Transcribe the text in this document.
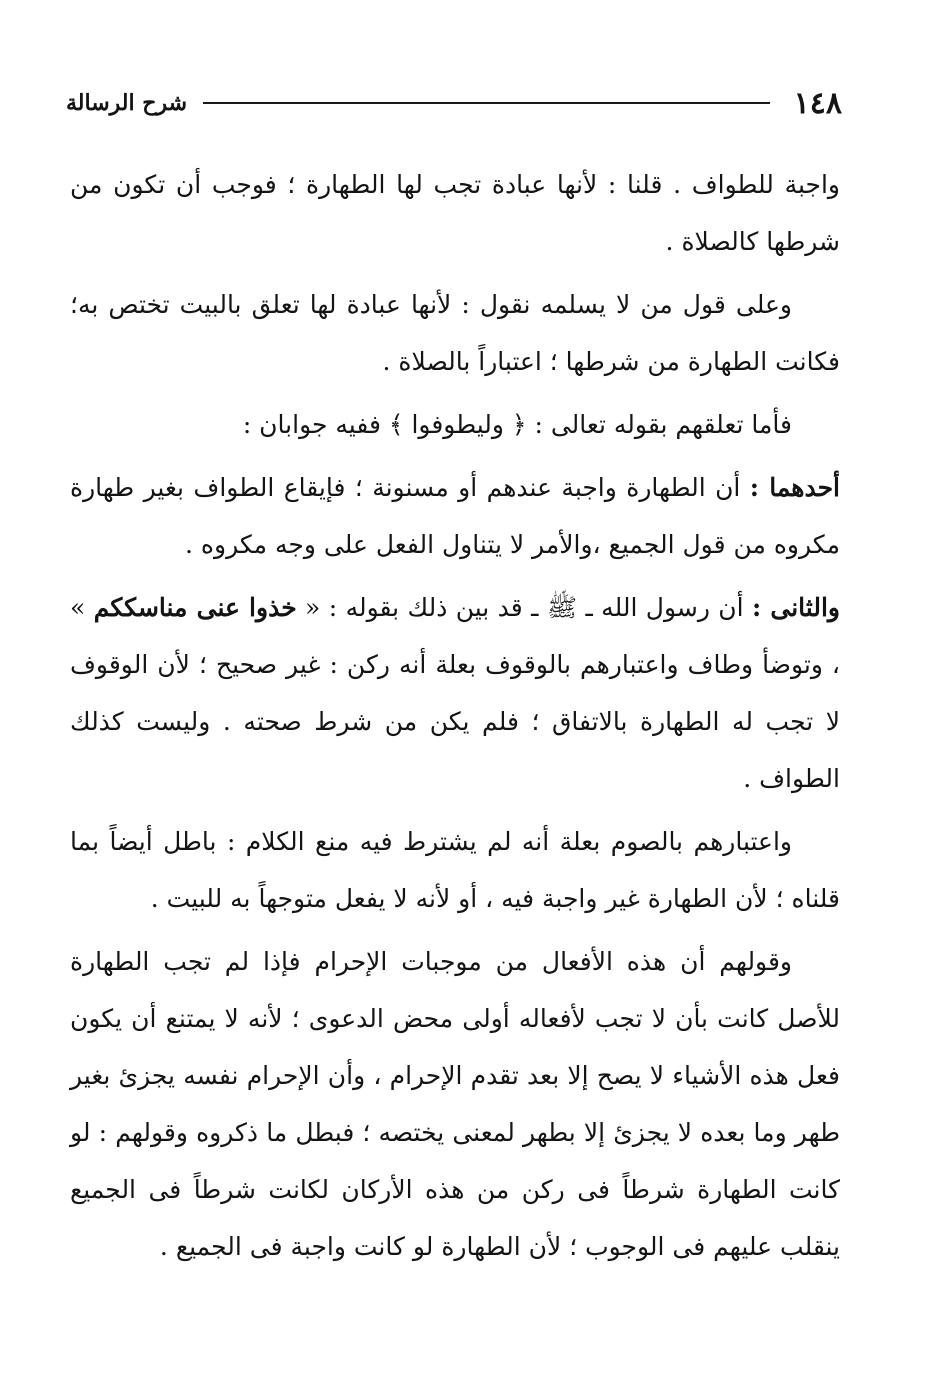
١٤٨
شرح الرسالة

واجبة للطواف . قلنا : لأنها عبادة تجب لها الطهارة ؛ فوجب أن تكون من شرطها كالصلاة .

وعلى قول من لا يسلمه نقول : لأنها عبادة لها تعلق بالبيت تختص به؛ فكانت الطهارة من شرطها ؛ اعتباراً بالصلاة .

فأما تعلقهم بقوله تعالى : ﴿ وليطوفوا ﴾ ففيه جوابان :

أحدهما : أن الطهارة واجبة عندهم أو مسنونة ؛ فإيقاع الطواف بغير طهارة مكروه من قول الجميع ،والأمر لا يتناول الفعل على وجه مكروه .

والثانى : أن رسول الله ـ ﷺ ـ قد بين ذلك بقوله : « خذوا عنى مناسككم » ، وتوضأ وطاف واعتبارهم بالوقوف بعلة أنه ركن : غير صحيح ؛ لأن الوقوف لا تجب له الطهارة بالاتفاق ؛ فلم يكن من شرط صحته . وليست كذلك الطواف .

واعتبارهم بالصوم بعلة أنه لم يشترط فيه منع الكلام : باطل أيضاً بما قلناه ؛ لأن الطهارة غير واجبة فيه ، أو لأنه لا يفعل متوجهاً به للبيت .

وقولهم أن هذه الأفعال من موجبات الإحرام فإذا لم تجب الطهارة للأصل كانت بأن لا تجب لأفعاله أولى محض الدعوى ؛ لأنه لا يمتنع أن يكون فعل هذه الأشياء لا يصح إلا بعد تقدم الإحرام ، وأن الإحرام نفسه يجزئ بغير طهر وما بعده لا يجزئ إلا بطهر لمعنى يختصه ؛ فبطل ما ذكروه وقولهم : لو كانت الطهارة شرطاً فى ركن من هذه الأركان لكانت شرطاً فى الجميع ينقلب عليهم فى الوجوب ؛ لأن الطهارة لو كانت واجبة فى الجميع .
